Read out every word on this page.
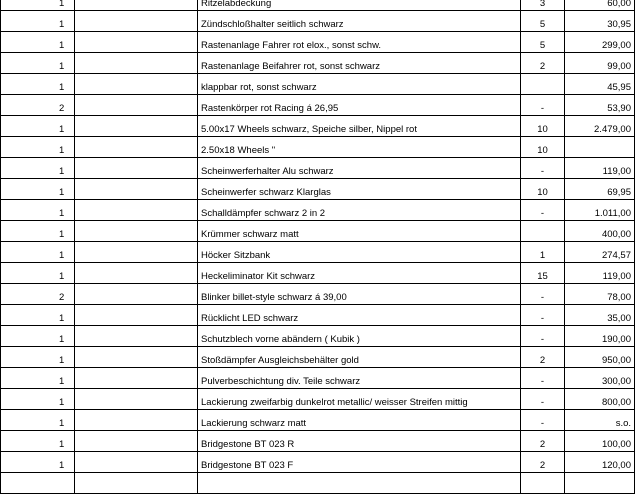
1		Ritzelabdeckung	3	60,00
1		Zündschloßhalter seitlich schwarz	5	30,95
1		Rastenanlage Fahrer rot elox., sonst schw.	5	299,00
1		Rastenanlage Beifahrer rot, sonst schwarz	2	99,00
1		klappbar rot, sonst schwarz		45,95
2		Rastenkörper rot Racing á 26,95	-	53,90
1		5.00x17 Wheels schwarz, Speiche silber, Nippel rot	10	2.479,00
1		2.50x18 Wheels "	10	
1		Scheinwerferhalter Alu schwarz	-	119,00
1		Scheinwerfer schwarz Klarglas	10	69,95
1		Schalldämpfer schwarz 2 in 2	-	1.011,00
1		Krümmer schwarz matt		400,00
1		Höcker Sitzbank	1	274,57
1		Heckeliminator Kit schwarz	15	119,00
2		Blinker billet-style schwarz á 39,00	-	78,00
1		Rücklicht LED schwarz	-	35,00
1		Schutzblech vorne abändern ( Kubik )	-	190,00
1		Stoßdämpfer Ausgleichsbehälter gold	2	950,00
1		Pulverbeschichtung div. Teile schwarz	-	300,00
1		Lackierung zweifarbig dunkelrot metallic/ weisser Streifen mittig	-	800,00
1		Lackierung schwarz matt	-	s.o.
1		Bridgestone BT 023 R	2	100,00
1		Bridgestone BT 023 F	2	120,00
